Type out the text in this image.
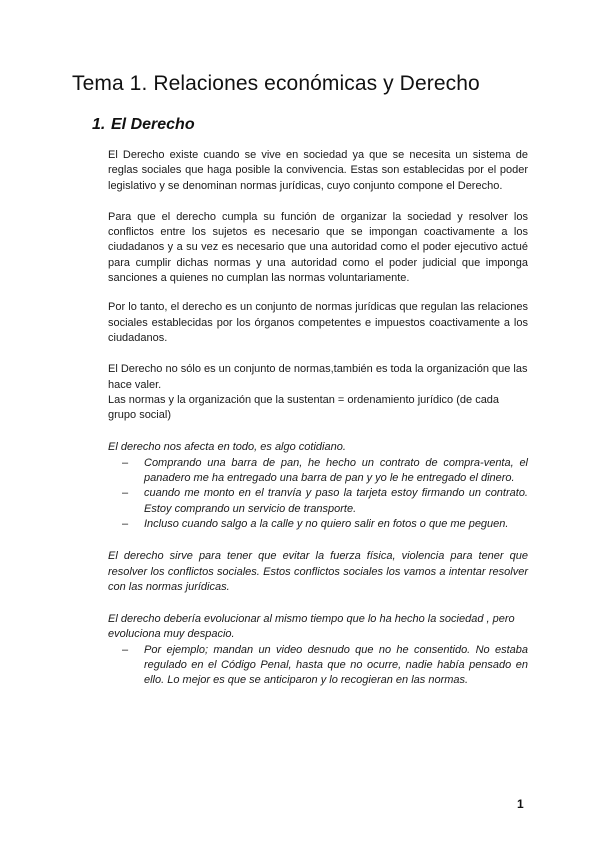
Tema 1. Relaciones económicas y Derecho
1. El Derecho

El Derecho existe cuando se vive en sociedad ya que se necesita un sistema de reglas sociales que haga posible la convivencia. Estas son establecidas por el poder legislativo y se denominan normas jurídicas, cuyo conjunto compone el Derecho.

Para que el derecho cumpla su función de organizar la sociedad y resolver los conflictos entre los sujetos es necesario que se impongan coactivamente a los ciudadanos y a su vez es necesario que una autoridad como el poder ejecutivo actué para cumplir dichas normas y una autoridad como el poder judicial que imponga sanciones a quienes no cumplan las normas voluntariamente.

Por lo tanto, el derecho es un conjunto de normas jurídicas que regulan las relaciones sociales establecidas por los órganos competentes e impuestos coactivamente a los ciudadanos.

El Derecho no sólo es un conjunto de normas,también es toda la organización que las hace valer.

Las normas y la organización que la sustentan = ordenamiento jurídico (de cada grupo social)

El derecho nos afecta en todo, es algo cotidiano.

– Comprando una barra de pan, he hecho un contrato de compra-venta, el panadero me ha entregado una barra de pan y yo le he entregado el dinero.
– cuando me monto en el tranvía y paso la tarjeta estoy firmando un contrato. Estoy comprando un servicio de transporte.
– Incluso cuando salgo a la calle y no quiero salir en fotos o que me peguen.

El derecho sirve para tener que evitar la fuerza física, violencia para tener que resolver los conflictos sociales. Estos conflictos sociales los vamos a intentar resolver con las normas jurídicas.

El derecho debería evolucionar al mismo tiempo que lo ha hecho la sociedad , pero evoluciona muy despacio.

– Por ejemplo; mandan un video desnudo que no he consentido. No estaba regulado en el Código Penal, hasta que no ocurre, nadie había pensado en ello. Lo mejor es que se anticiparon y lo recogieran en las normas.
1
